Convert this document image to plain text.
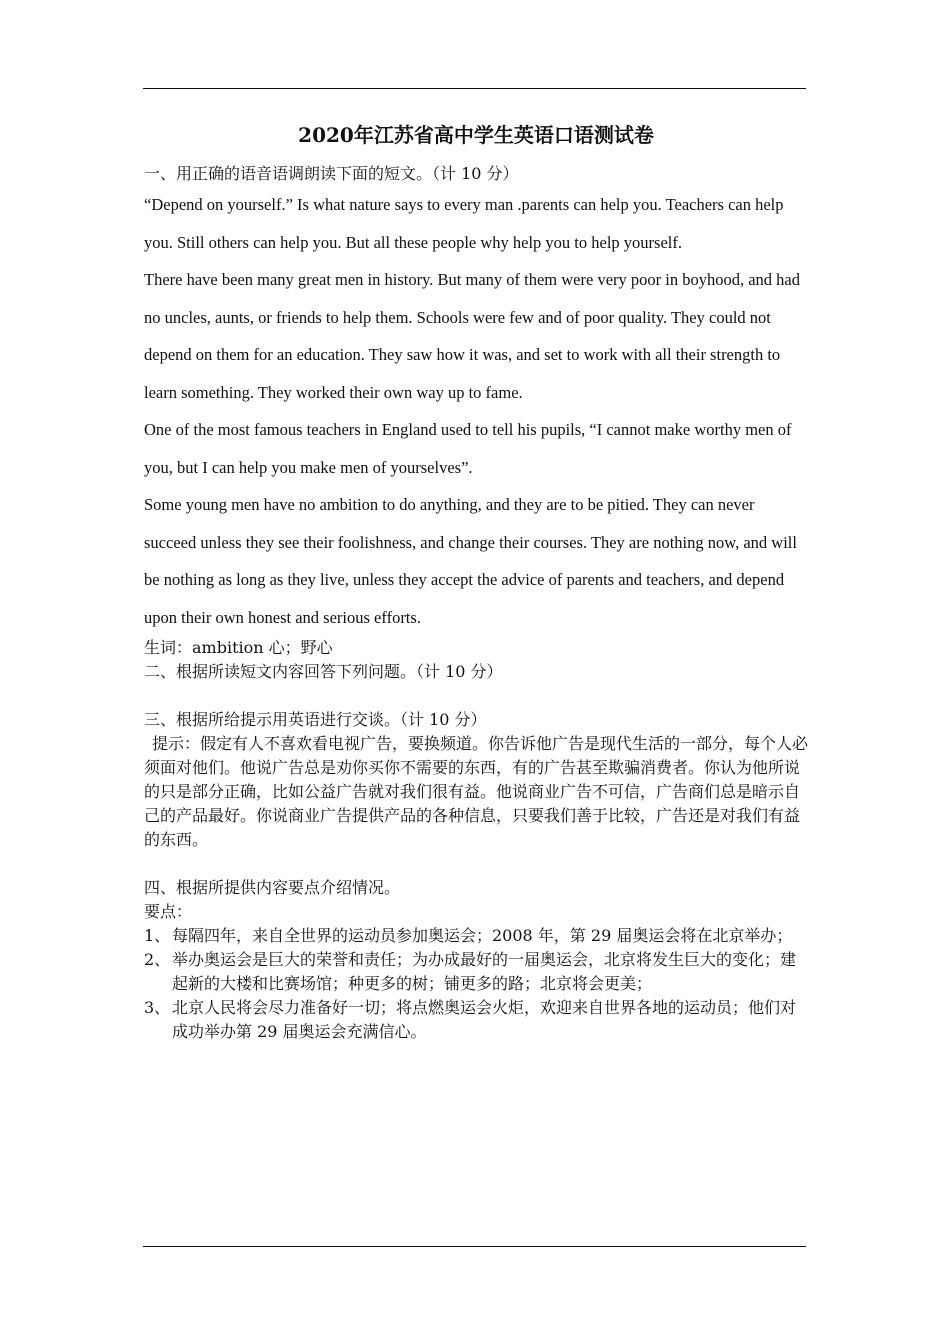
2020年江苏省高中学生英语口语测试卷

一、用正确的语音语调朗读下面的短文。（计 10 分）

“Depend on yourself.” Is what nature says to every man .parents can help you. Teachers can help you. Still others can help you. But all these people why help you to help yourself.

There have been many great men in history. But many of them were very poor in boyhood, and had no uncles, aunts, or friends to help them. Schools were few and of poor quality. They could not depend on them for an education. They saw how it was, and set to work with all their strength to learn something. They worked their own way up to fame.

One of the most famous teachers in England used to tell his pupils, “I cannot make worthy men of you, but I can help you make men of yourselves”.

Some young men have no ambition to do anything, and they are to be pitied. They can never succeed unless they see their foolishness, and change their courses. They are nothing now, and will be nothing as long as they live, unless they accept the advice of parents and teachers, and depend upon their own honest and serious efforts.

生词：ambition 心；野心

二、根据所读短文内容回答下列问题。（计 10 分）

三、根据所给提示用英语进行交谈。（计 10 分）

提示：假定有人不喜欢看电视广告，要换频道。你告诉他广告是现代生活的一部分，每个人必须面对他们。他说广告总是劝你买你不需要的东西，有的广告甚至欺骗消费者。你认为他所说的只是部分正确，比如公益广告就对我们很有益。他说商业广告不可信，广告商们总是暗示自己的产品最好。你说商业广告提供产品的各种信息，只要我们善于比较，广告还是对我们有益的东西。

四、根据所提供内容要点介绍情况。

要点：

1、 每隔四年，来自全世界的运动员参加奥运会；2008 年，第 29 届奥运会将在北京举办；
2、 举办奥运会是巨大的荣誉和责任；为办成最好的一届奥运会，北京将发生巨大的变化；建起新的大楼和比赛场馆；种更多的树；铺更多的路；北京将会更美；
3、 北京人民将会尽力准备好一切；将点燃奥运会火炬，欢迎来自世界各地的运动员；他们对成功举办第 29 届奥运会充满信心。
